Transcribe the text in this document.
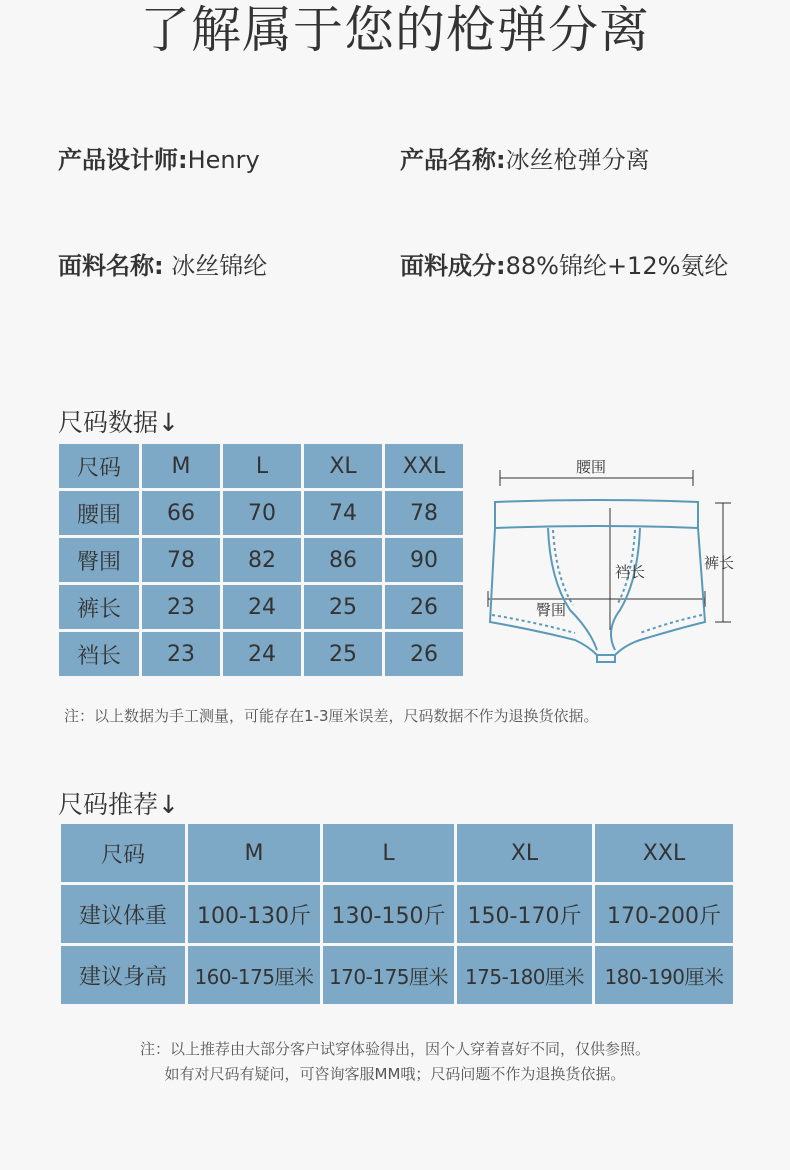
了解属于您的枪弹分离
产品设计师:Henry	产品名称:冰丝枪弹分离
面料名称: 冰丝锦纶	面料成分:88%锦纶+12%氨纶
尺码数据↓
尺码	M	L	XL	XXL
腰围	66	70	74	78
臀围	78	82	86	90
裤长	23	24	25	26
裆长	23	24	25	26
腰围
裤长
裆长
臀围
注：以上数据为手工测量，可能存在1-3厘米误差，尺码数据不作为退换货依据。
尺码推荐↓
尺码	M	L	XL	XXL
建议体重	100-130斤	130-150斤	150-170斤	170-200斤
建议身高	160-175厘米	170-175厘米	175-180厘米	180-190厘米
注：以上推荐由大部分客户试穿体验得出，因个人穿着喜好不同，仅供参照。
如有对尺码有疑问，可咨询客服MM哦；尺码问题不作为退换货依据。
